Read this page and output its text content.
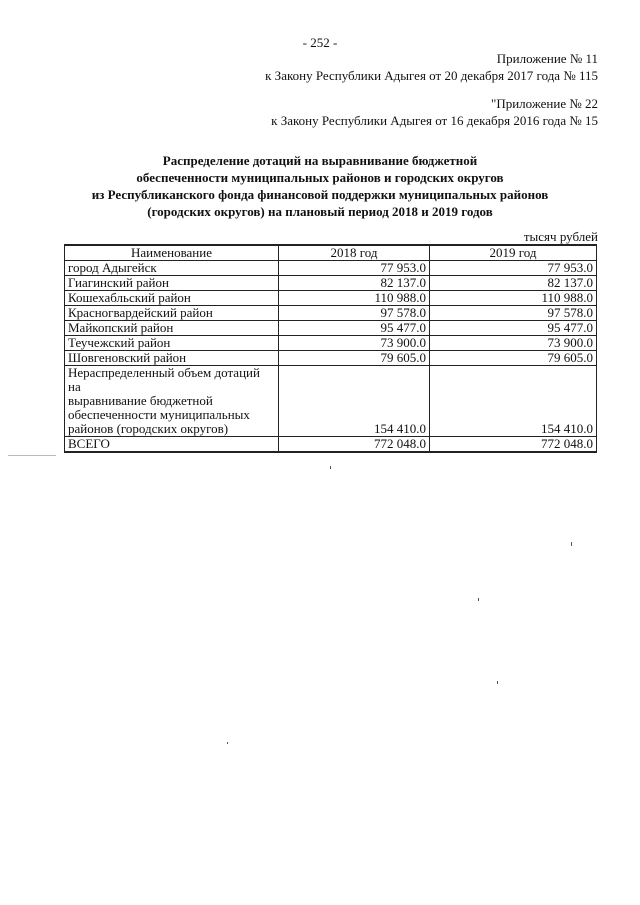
- 252 -
Приложение № 11
к Закону Республики Адыгея от 20 декабря 2017 года № 115
"Приложение № 22
к Закону Республики Адыгея от 16 декабря 2016 года № 15
Распределение дотаций на выравнивание бюджетной
обеспеченности муниципальных районов и городских округов
из Республиканского фонда финансовой поддержки муниципальных районов
(городских округов) на плановый период 2018 и 2019 годов
тысяч рублей
Наименование	2018 год	2019 год
город Адыгейск	77 953.0	77 953.0
Гиагинский район	82 137.0	82 137.0
Кошехабльский район	110 988.0	110 988.0
Красногвардейский район	97 578.0	97 578.0
Майкопский район	95 477.0	95 477.0
Теучежский район	73 900.0	73 900.0
Шовгеновский район	79 605.0	79 605.0

Нераспределенный объем дотаций на
выравнивание бюджетной
обеспеченности муниципальных
районов (городских округов)	154 410.0	154 410.0
ВСЕГО	772 048.0	772 048.0
